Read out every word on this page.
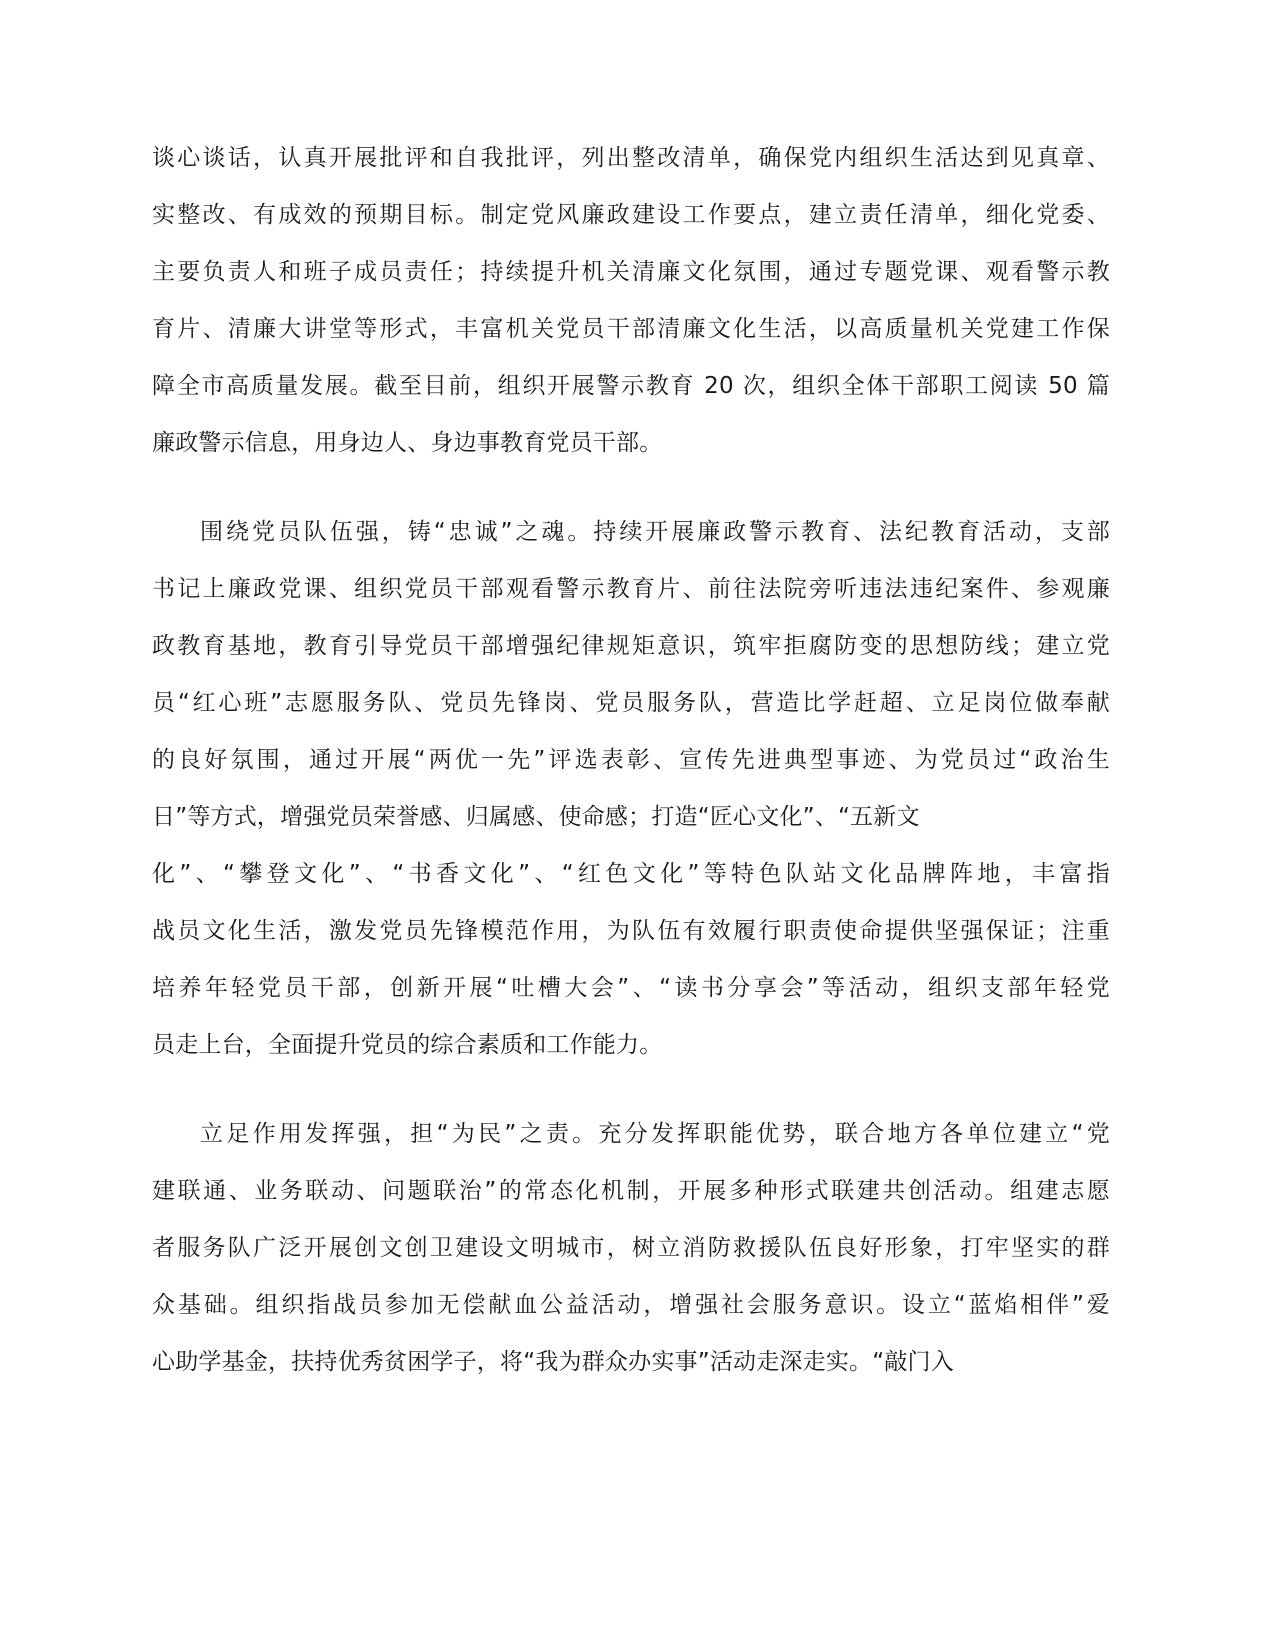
谈心谈话，认真开展批评和自我批评，列出整改清单，确保党内组织生活达到见真章、
实整改、有成效的预期目标。制定党风廉政建设工作要点，建立责任清单，细化党委、
主要负责人和班子成员责任；持续提升机关清廉文化氛围，通过专题党课、观看警示教
育片、清廉大讲堂等形式，丰富机关党员干部清廉文化生活，以高质量机关党建工作保
障全市高质量发展。截至目前，组织开展警示教育 20 次，组织全体干部职工阅读 50 篇
廉政警示信息，用身边人、身边事教育党员干部。
围绕党员队伍强，铸“忠诚”之魂。持续开展廉政警示教育、法纪教育活动，支部
书记上廉政党课、组织党员干部观看警示教育片、前往法院旁听违法违纪案件、参观廉
政教育基地，教育引导党员干部增强纪律规矩意识，筑牢拒腐防变的思想防线；建立党
员“红心班”志愿服务队、党员先锋岗、党员服务队，营造比学赶超、立足岗位做奉献
的良好氛围，通过开展“两优一先”评选表彰、宣传先进典型事迹、为党员过“政治生
日”等方式，增强党员荣誉感、归属感、使命感；打造“匠心文化”、“五新文
化”、“攀登文化”、“书香文化”、“红色文化”等特色队站文化品牌阵地，丰富指
战员文化生活，激发党员先锋模范作用，为队伍有效履行职责使命提供坚强保证；注重
培养年轻党员干部，创新开展“吐槽大会”、“读书分享会”等活动，组织支部年轻党
员走上台，全面提升党员的综合素质和工作能力。
立足作用发挥强，担“为民”之责。充分发挥职能优势，联合地方各单位建立“党
建联通、业务联动、问题联治”的常态化机制，开展多种形式联建共创活动。组建志愿
者服务队广泛开展创文创卫建设文明城市，树立消防救援队伍良好形象，打牢坚实的群
众基础。组织指战员参加无偿献血公益活动，增强社会服务意识。设立“蓝焰相伴”爱
心助学基金，扶持优秀贫困学子，将“我为群众办实事”活动走深走实。“敲门入
